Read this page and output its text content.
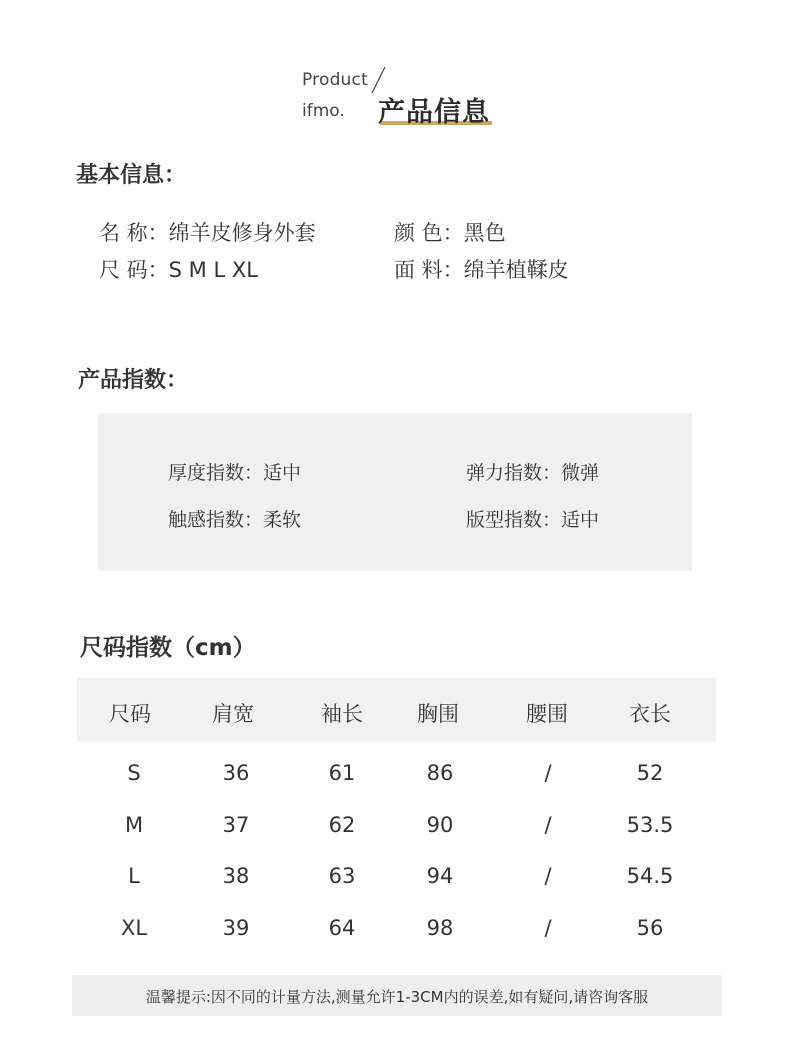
Product
ifmo. 产品信息
基本信息：
名 称：绵羊皮修身外套	颜 色：黑色
尺 码：S M L XL	面 料：绵羊植鞣皮
产品指数：
厚度指数：适中	弹力指数：微弹
触感指数：柔软	版型指数：适中
尺码指数（cm）
尺码	肩宽	袖长	胸围	腰围	衣长
S	36	61	86	/	52
M	37	62	90	/	53.5
L	38	63	94	/	54.5
XL	39	64	98	/	56
温馨提示:因不同的计量方法,测量允许1-3CM内的误差,如有疑问,请咨询客服
